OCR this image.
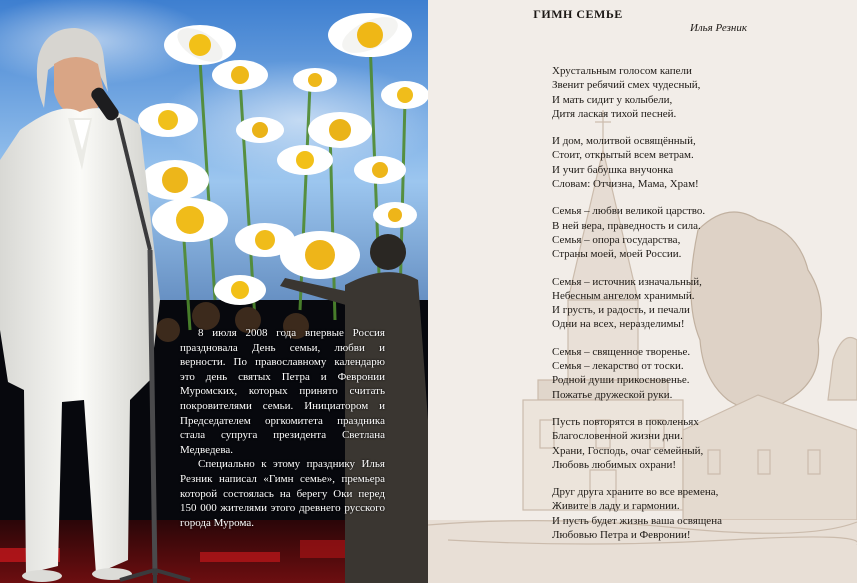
8 июля 2008 года впервые Россия праздновала День семьи, любви и верности. По православному календарю это день святых Петра и Февронии Муромских, которых принято считать покровителями семьи. Инициатором и Председателем оргкомитета праздника стала супруга президента Светлана Медведева.

Специально к этому празднику Илья Резник написал «Гимн семье», премьера которой состоялась на берегу Оки перед 150 000 жителями этого древнего русского города Мурома.

ГИМН СЕМЬЕ

Илья Резник

Хрустальным голосом капели
Звенит ребячий смех чудесный,
И мать сидит у колыбели,
Дитя лаская тихой песней.
И дом, молитвой освящённый,
Стоит, открытый всем ветрам.
И учит бабушка внучонка
Словам: Отчизна, Мама, Храм!
Семья – любви великой царство.
В ней вера, праведность и сила.
Семья – опора государства,
Страны моей, моей России.
Семья – источник изначальный,
Небесным ангелом хранимый.
И грусть, и радость, и печали
Одни на всех, неразделимы!
Семья – священное творенье.
Семья – лекарство от тоски.
Родной души прикосновенье.
Пожатье дружеской руки.
Пусть повторятся в поколеньях
Благословенной жизни дни.
Храни, Господь, очаг семейный,
Любовь любимых охрани!
Друг друга храните во все времена,
Живите в ладу и гармонии.
И пусть будет жизнь ваша освящена
Любовью Петра и Февронии!
